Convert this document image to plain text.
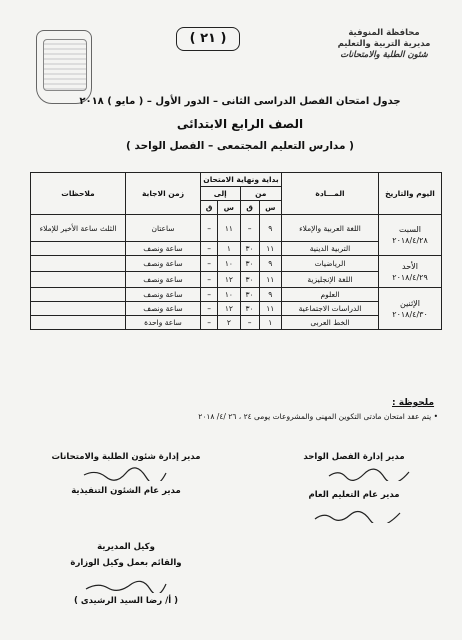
( ٢١ )	محافظة المنوفية
مديرية التربية والتعليم
شئون الطلبة والامتحانات
جدول امتحان الفصل الدراسى الثانى – الدور الأول – ( مايو ) ٢٠١٨
الصف الرابع الابتدائى
( مدارس التعليم المجتمعى – الفصل الواحد )
اليوم والتاريخ	المـــادة	بداية ونهاية الامتحان				زمن الاجابة	ملاحظات
		من		إلى			
		س	ق	س	ق		

السبت
٢٠١٨/٤/٢٨	اللغة العربية والإملاء	٩	–	١١	–	ساعتان	الثلث ساعة الأخير للإملاء
	التربية الدينية	١١	٣٠	١	–	ساعة ونصف	

الأحد
٢٠١٨/٤/٢٩	الرياضيات	٩	٣٠	١٠	–	ساعة ونصف	
	اللغة الإنجليزية	١١	٣٠	١٢	–	ساعة ونصف	

الإثنين
٢٠١٨/٤/٣٠	العلوم	٩	٣٠	١٠	–	ساعة ونصف	
	الدراسات الاجتماعية	١١	٣٠	١٢	–	ساعة ونصف	
	الخط العربى	١	–	٢	–	ساعة واحدة	
ملحوظة :
• يتم عقد امتحان مادتى التكوين المهنى والمشروعات يومى ٢٤ ، ٢٦ /٤/ ٢٠١٨
مدير إدارة الفصل الواحد
مدير عام التعليم العام
مدير إدارة شئون الطلبة والامتحانات
مدير عام الشئون التنفيذية
وكيل المديرية
والقائم بعمل وكيل الوزارة
( أ/ رضا السيد الرشيدى )
